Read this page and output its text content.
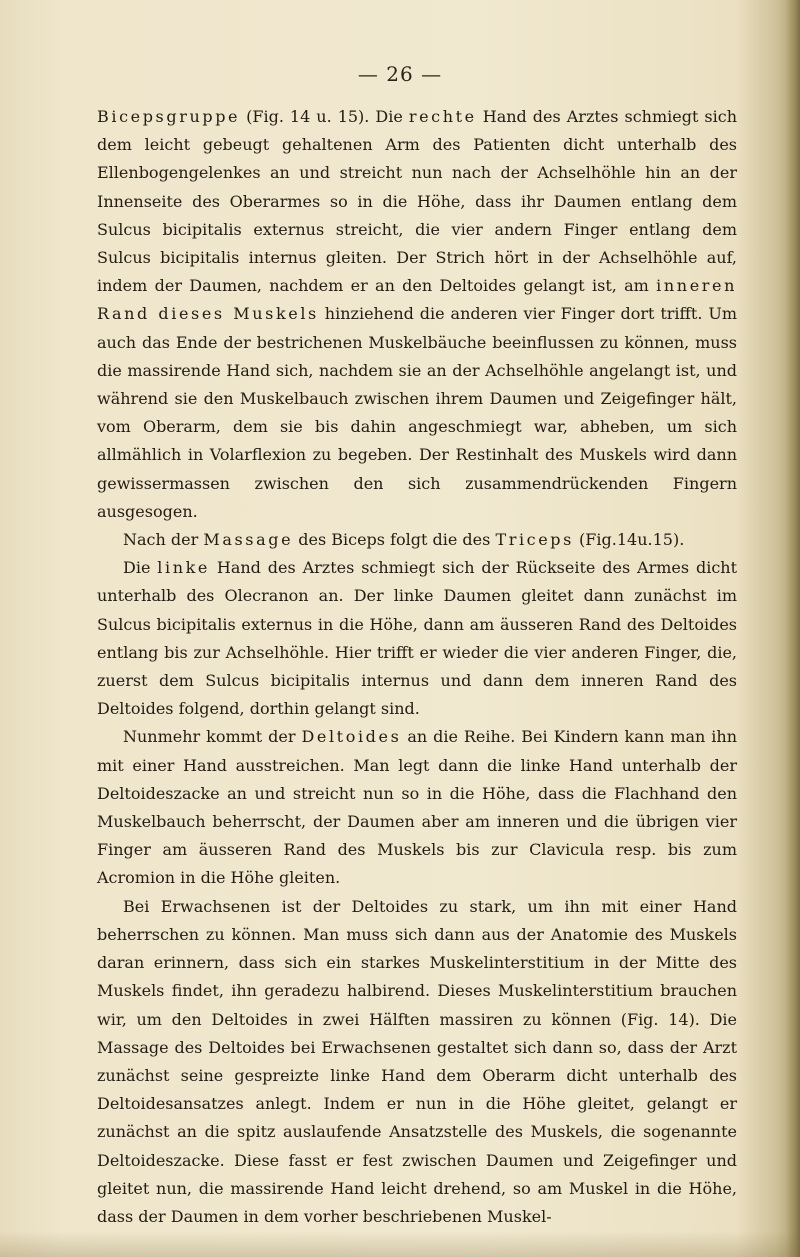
— 26 —

Bicepsgruppe (Fig. 14 u. 15). Die rechte Hand des Arztes schmiegt sich dem leicht gebeugt gehaltenen Arm des Patienten dicht unterhalb des Ellenbogengelenkes an und streicht nun nach der Achselhöhle hin an der Innenseite des Oberarmes so in die Höhe, dass ihr Daumen entlang dem Sulcus bicipitalis externus streicht, die vier andern Finger entlang dem Sulcus bicipitalis internus gleiten. Der Strich hört in der Achselhöhle auf, indem der Daumen, nachdem er an den Deltoides gelangt ist, am inneren Rand dieses Muskels hinziehend die anderen vier Finger dort trifft. Um auch das Ende der bestrichenen Muskelbäuche beeinflussen zu können, muss die massirende Hand sich, nachdem sie an der Achselhöhle angelangt ist, und während sie den Muskelbauch zwischen ihrem Daumen und Zeigefinger hält, vom Oberarm, dem sie bis dahin angeschmiegt war, abheben, um sich allmählich in Volarflexion zu begeben. Der Restinhalt des Muskels wird dann gewissermassen zwischen den sich zusammendrückenden Fingern ausgesogen.

Nach der Massage des Biceps folgt die des Triceps (Fig.14u.15).

Die linke Hand des Arztes schmiegt sich der Rückseite des Armes dicht unterhalb des Olecranon an. Der linke Daumen gleitet dann zunächst im Sulcus bicipitalis externus in die Höhe, dann am äusseren Rand des Deltoides entlang bis zur Achselhöhle. Hier trifft er wieder die vier anderen Finger, die, zuerst dem Sulcus bicipitalis internus und dann dem inneren Rand des Deltoides folgend, dorthin gelangt sind.

Nunmehr kommt der Deltoides an die Reihe. Bei Kindern kann man ihn mit einer Hand ausstreichen. Man legt dann die linke Hand unterhalb der Deltoideszacke an und streicht nun so in die Höhe, dass die Flachhand den Muskelbauch beherrscht, der Daumen aber am inneren und die übrigen vier Finger am äusseren Rand des Muskels bis zur Clavicula resp. bis zum Acromion in die Höhe gleiten.

Bei Erwachsenen ist der Deltoides zu stark, um ihn mit einer Hand beherrschen zu können. Man muss sich dann aus der Anatomie des Muskels daran erinnern, dass sich ein starkes Muskelinterstitium in der Mitte des Muskels findet, ihn geradezu halbirend. Dieses Muskelinterstitium brauchen wir, um den Deltoides in zwei Hälften massiren zu können (Fig. 14). Die Massage des Deltoides bei Erwachsenen gestaltet sich dann so, dass der Arzt zunächst seine gespreizte linke Hand dem Oberarm dicht unterhalb des Deltoidesansatzes anlegt. Indem er nun in die Höhe gleitet, gelangt er zunächst an die spitz auslaufende Ansatzstelle des Muskels, die sogenannte Deltoideszacke. Diese fasst er fest zwischen Daumen und Zeigefinger und gleitet nun, die massirende Hand leicht drehend, so am Muskel in die Höhe, dass der Daumen in dem vorher beschriebenen Muskel-
